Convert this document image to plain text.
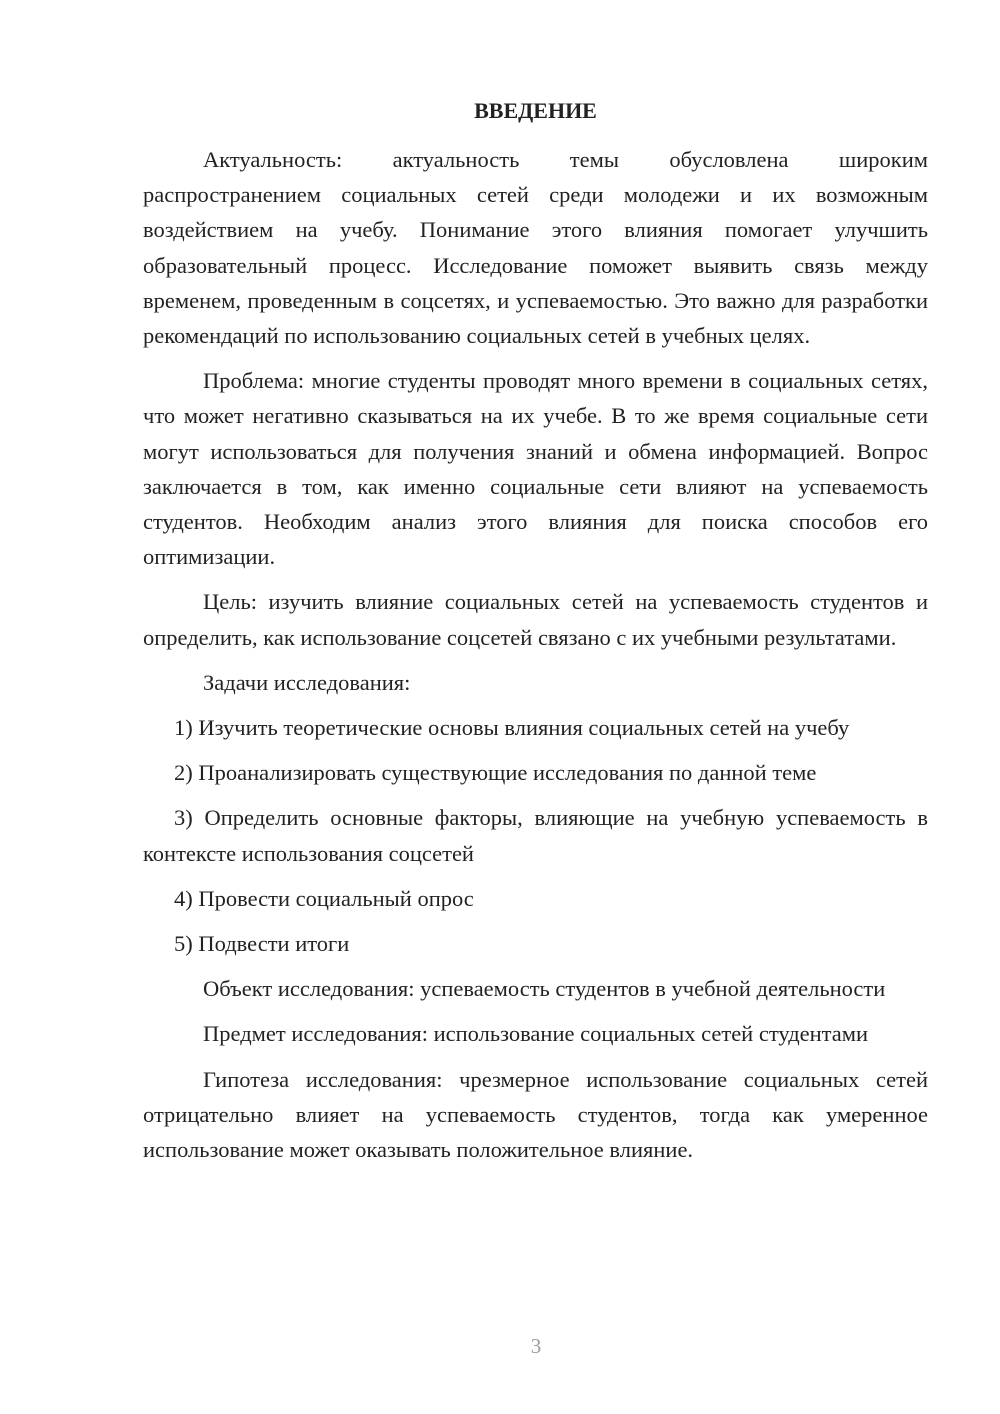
ВВЕДЕНИЕ

Актуальность: актуальность темы обусловлена широким распространением социальных сетей среди молодежи и их возможным воздействием на учебу. Понимание этого влияния помогает улучшить образовательный процесс. Исследование поможет выявить связь между временем, проведенным в соцсетях, и успеваемостью. Это важно для разработки рекомендаций по использованию социальных сетей в учебных целях.

Проблема: многие студенты проводят много времени в социальных сетях, что может негативно сказываться на их учебе. В то же время социальные сети могут использоваться для получения знаний и обмена информацией. Вопрос заключается в том, как именно социальные сети влияют на успеваемость студентов. Необходим анализ этого влияния для поиска способов его оптимизации.

Цель: изучить влияние социальных сетей на успеваемость студентов и определить, как использование соцсетей связано с их учебными результатами.

Задачи исследования:

1) Изучить теоретические основы влияния социальных сетей на учебу

2) Проанализировать существующие исследования по данной теме

3) Определить основные факторы, влияющие на учебную успеваемость в контексте использования соцсетей

4) Провести социальный опрос

5) Подвести итоги

Объект исследования: успеваемость студентов в учебной деятельности

Предмет исследования: использование социальных сетей студентами

Гипотеза исследования: чрезмерное использование социальных сетей отрицательно влияет на успеваемость студентов, тогда как умеренное использование может оказывать положительное влияние.

3
